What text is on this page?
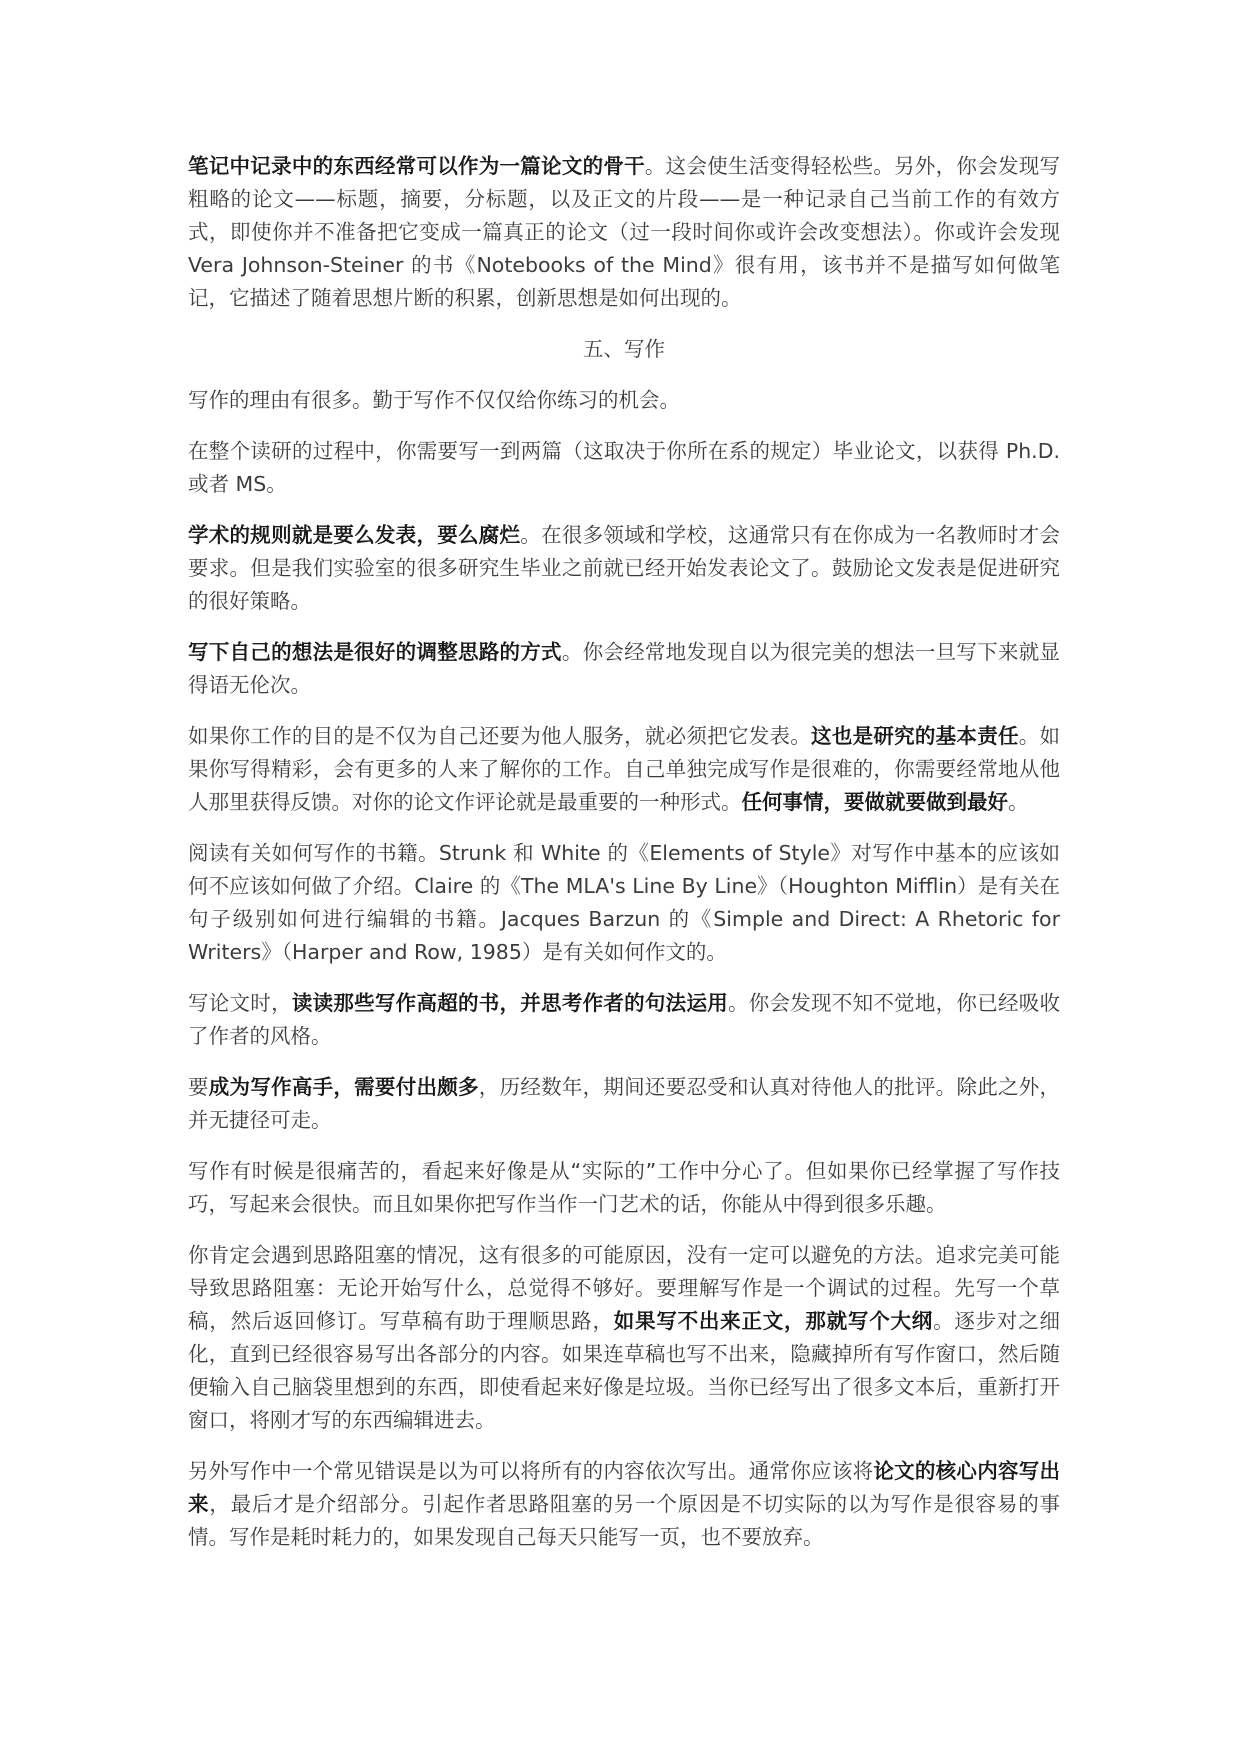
笔记中记录中的东西经常可以作为一篇论文的骨干。这会使生活变得轻松些。另外，你会发现写粗略的论文——标题，摘要，分标题，以及正文的片段——是一种记录自己当前工作的有效方式，即使你并不准备把它变成一篇真正的论文（过一段时间你或许会改变想法）。你或许会发现 Vera Johnson-Steiner 的书《Notebooks of the Mind》很有用，该书并不是描写如何做笔记，它描述了随着思想片断的积累，创新思想是如何出现的。

五、写作

写作的理由有很多。勤于写作不仅仅给你练习的机会。

在整个读研的过程中，你需要写一到两篇（这取决于你所在系的规定）毕业论文，以获得 Ph.D.或者 MS。

学术的规则就是要么发表，要么腐烂。在很多领域和学校，这通常只有在你成为一名教师时才会要求。但是我们实验室的很多研究生毕业之前就已经开始发表论文了。鼓励论文发表是促进研究的很好策略。

写下自己的想法是很好的调整思路的方式。你会经常地发现自以为很完美的想法一旦写下来就显得语无伦次。

如果你工作的目的是不仅为自己还要为他人服务，就必须把它发表。这也是研究的基本责任。如果你写得精彩，会有更多的人来了解你的工作。自己单独完成写作是很难的，你需要经常地从他人那里获得反馈。对你的论文作评论就是最重要的一种形式。任何事情，要做就要做到最好。

阅读有关如何写作的书籍。Strunk 和 White 的《Elements of Style》对写作中基本的应该如何不应该如何做了介绍。Claire 的《The MLA's Line By Line》（Houghton Mifflin）是有关在句子级别如何进行编辑的书籍。Jacques Barzun 的《Simple and Direct: A Rhetoric for Writers》（Harper and Row, 1985）是有关如何作文的。

写论文时，读读那些写作高超的书，并思考作者的句法运用。你会发现不知不觉地，你已经吸收了作者的风格。

要成为写作高手，需要付出颇多，历经数年，期间还要忍受和认真对待他人的批评。除此之外，并无捷径可走。

写作有时候是很痛苦的，看起来好像是从“实际的”工作中分心了。但如果你已经掌握了写作技巧，写起来会很快。而且如果你把写作当作一门艺术的话，你能从中得到很多乐趣。

你肯定会遇到思路阻塞的情况，这有很多的可能原因，没有一定可以避免的方法。追求完美可能导致思路阻塞：无论开始写什么，总觉得不够好。要理解写作是一个调试的过程。先写一个草稿，然后返回修订。写草稿有助于理顺思路，如果写不出来正文，那就写个大纲。逐步对之细化，直到已经很容易写出各部分的内容。如果连草稿也写不出来，隐藏掉所有写作窗口，然后随便输入自己脑袋里想到的东西，即使看起来好像是垃圾。当你已经写出了很多文本后，重新打开窗口，将刚才写的东西编辑进去。

另外写作中一个常见错误是以为可以将所有的内容依次写出。通常你应该将论文的核心内容写出来，最后才是介绍部分。引起作者思路阻塞的另一个原因是不切实际的以为写作是很容易的事情。写作是耗时耗力的，如果发现自己每天只能写一页，也不要放弃。
